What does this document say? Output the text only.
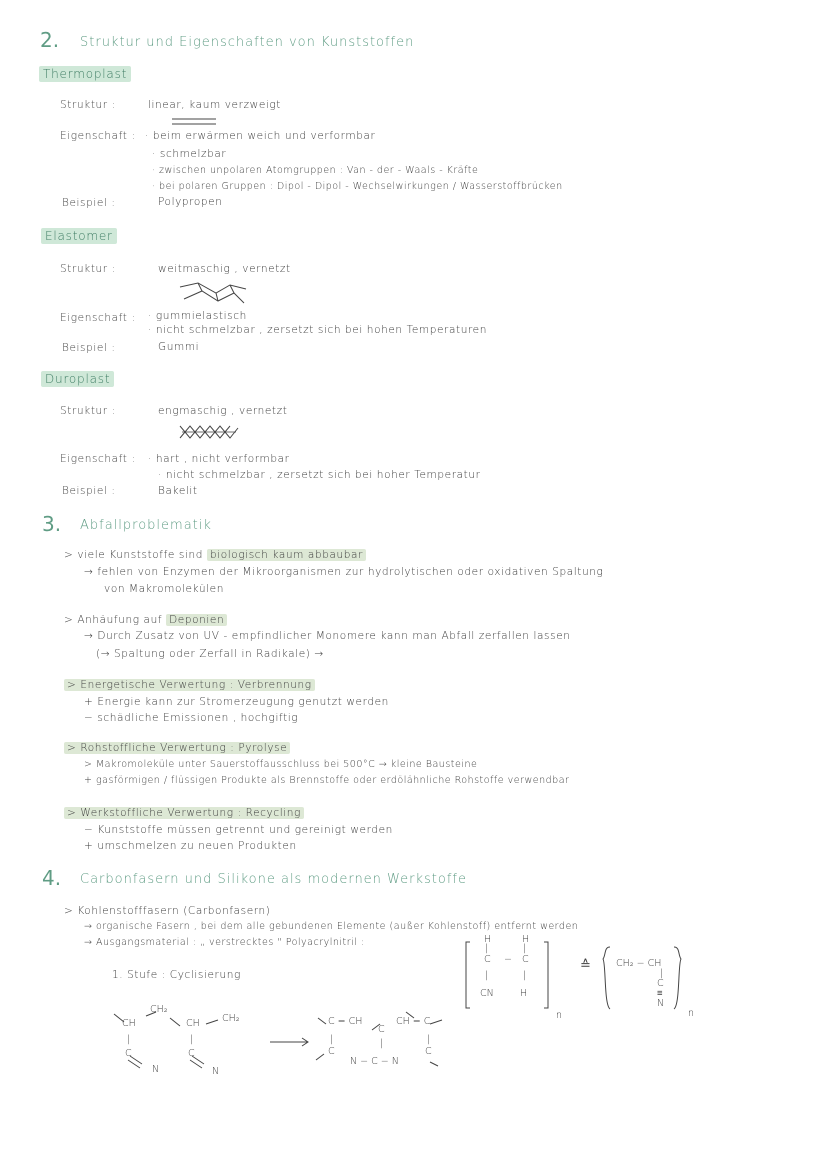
2. Struktur und Eigenschaften von Kunststoffen
Thermoplast
Struktur :	linear, kaum verzweigt
Eigenschaft : · beim erwärmen weich und verformbar
· schmelzbar
· zwischen unpolaren Atomgruppen : Van - der - Waals - Kräfte
· bei polaren Gruppen : Dipol - Dipol - Wechselwirkungen / Wasserstoffbrücken
Beispiel :	Polypropen
Elastomer
Struktur :	weitmaschig , vernetzt
Eigenschaft : · gummielastisch
· nicht schmelzbar , zersetzt sich bei hohen Temperaturen
Beispiel :	Gummi
Duroplast
Struktur :	engmaschig , vernetzt
Eigenschaft : · hart , nicht verformbar
· nicht schmelzbar , zersetzt sich bei hoher Temperatur
Beispiel :	Bakelit
3. Abfallproblematik
> viele Kunststoffe sind biologisch kaum abbaubar
→ fehlen von Enzymen der Mikroorganismen zur hydrolytischen oder oxidativen Spaltung
von Makromolekülen
> Anhäufung auf Deponien
→ Durch Zusatz von UV - empfindlicher Monomere kann man Abfall zerfallen lassen
(→ Spaltung oder Zerfall in Radikale) →
> Energetische Verwertung : Verbrennung
+ Energie kann zur Stromerzeugung genutzt werden
− schädliche Emissionen , hochgiftig
> Rohstoffliche Verwertung : Pyrolyse
> Makromoleküle unter Sauerstoffausschluss bei 500°C → kleine Bausteine
+ gasförmigen / flüssigen Produkte als Brennstoffe oder erdölähnliche Rohstoffe verwendbar
> Werkstoffliche Verwertung : Recycling
− Kunststoffe müssen getrennt und gereinigt werden
+ umschmelzen zu neuen Produkten
4. Carbonfasern und Silikone als modernen Werkstoffe
> Kohlenstofffasern (Carbonfasern)
→ organische Fasern , bei dem alle gebundenen Elemente (außer Kohlenstoff) entfernt werden
→ Ausgangsmaterial : „ verstrecktes " Polyacrylnitril :
1. Stufe : Cyclisierung
H	H
|	|
C − C
|	|
CN	H
n
≙	CH₂ − CH
|
C
≡
N
n
CH₂
CH	CH CH₂
|	|
C	C
N	N
C = CH
C
CH = C
|	|	|
C	C
N − C − N
